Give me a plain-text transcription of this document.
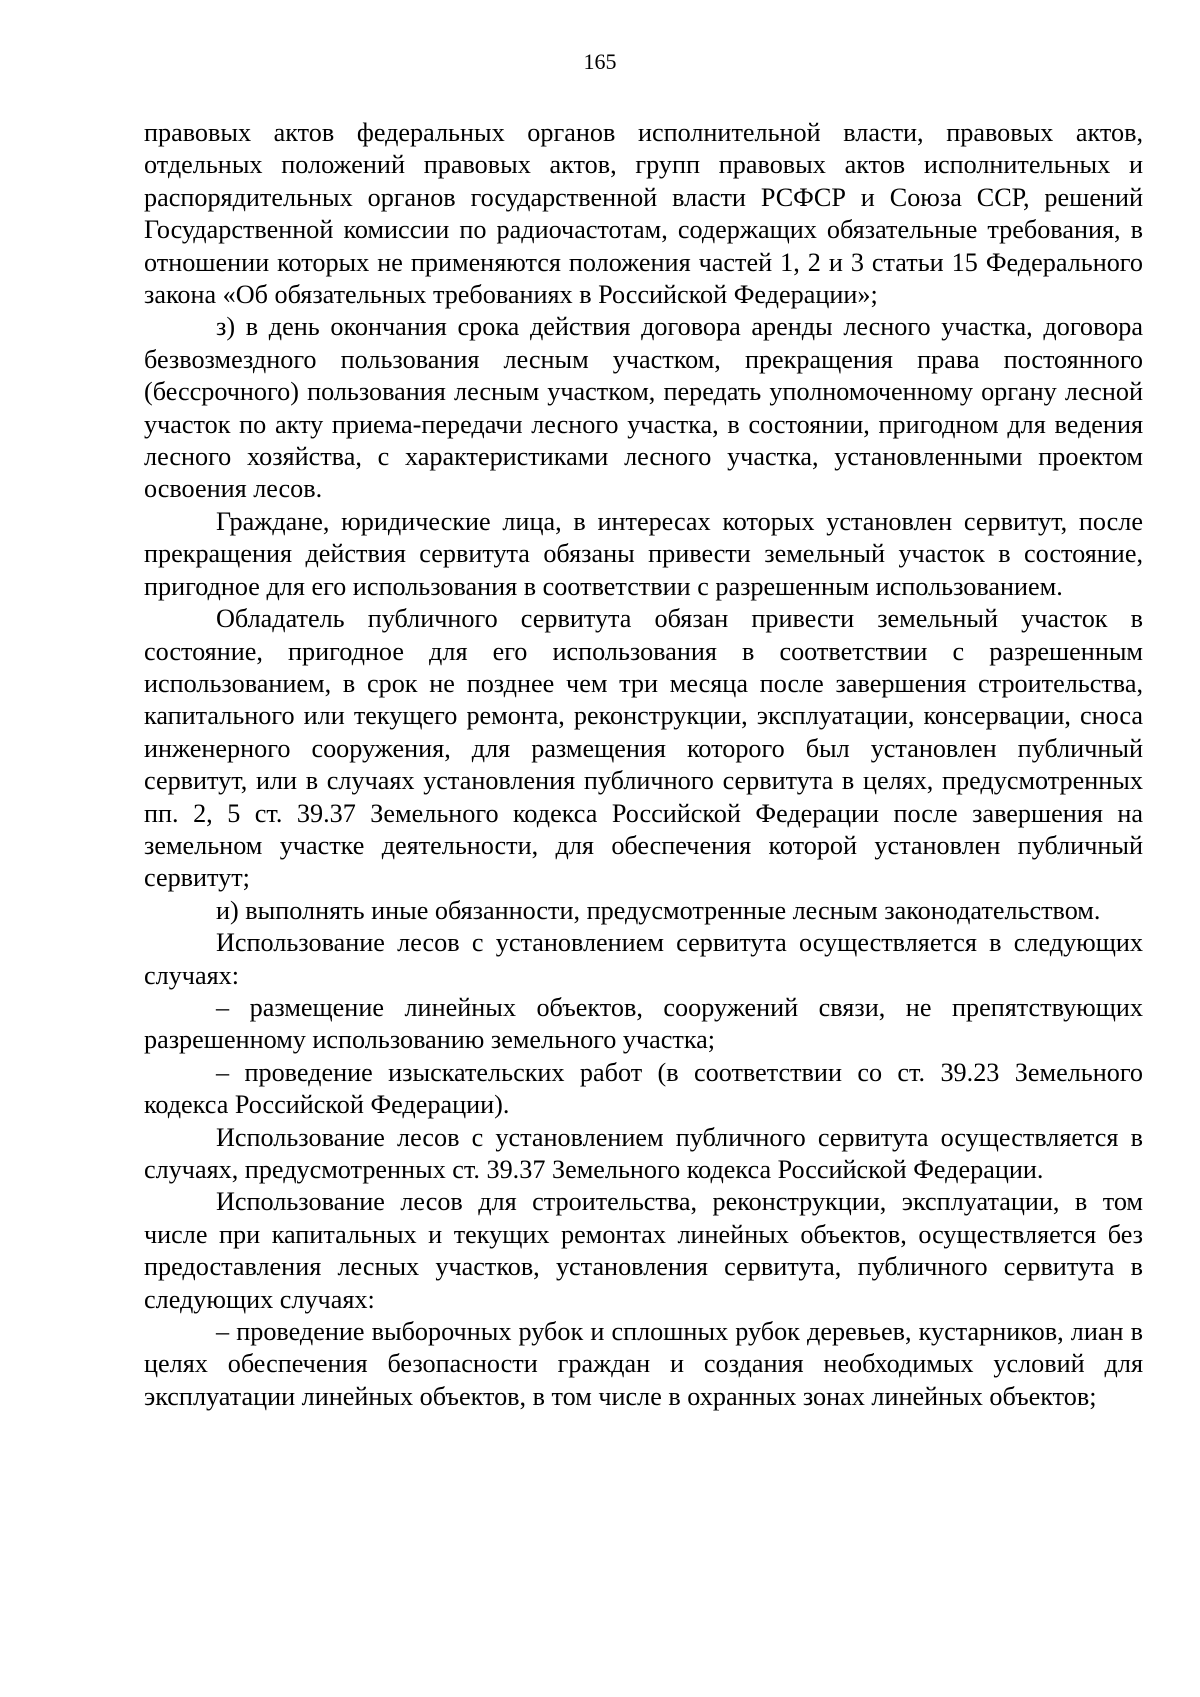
165

правовых актов федеральных органов исполнительной власти, правовых актов, отдельных положений правовых актов, групп правовых актов исполнительных и распорядительных органов государственной власти РСФСР и Союза ССР, решений Государственной комиссии по радиочастотам, содержащих обязательные требования, в отношении которых не применяются положения частей 1, 2 и 3 статьи 15 Федерального закона «Об обязательных требованиях в Российской Федерации»;

з) в день окончания срока действия договора аренды лесного участка, договора безвозмездного пользования лесным участком, прекращения права постоянного (бессрочного) пользования лесным участком, передать уполномоченному органу лесной участок по акту приема-передачи лесного участка, в состоянии, пригодном для ведения лесного хозяйства, с характеристиками лесного участка, установленными проектом освоения лесов.

Граждане, юридические лица, в интересах которых установлен сервитут, после прекращения действия сервитута обязаны привести земельный участок в состояние, пригодное для его использования в соответствии с разрешенным использованием.

Обладатель публичного сервитута обязан привести земельный участок в состояние, пригодное для его использования в соответствии с разрешенным использованием, в срок не позднее чем три месяца после завершения строительства, капитального или текущего ремонта, реконструкции, эксплуатации, консервации, сноса инженерного сооружения, для размещения которого был установлен публичный сервитут, или в случаях установления публичного сервитута в целях, предусмотренных пп. 2, 5 ст. 39.37 Земельного кодекса Российской Федерации после завершения на земельном участке деятельности, для обеспечения которой установлен публичный сервитут;

и) выполнять иные обязанности, предусмотренные лесным законодательством.

Использование лесов с установлением сервитута осуществляется в следующих случаях:

– размещение линейных объектов, сооружений связи, не препятствующих разрешенному использованию земельного участка;

– проведение изыскательских работ (в соответствии со ст. 39.23 Земельного кодекса Российской Федерации).

Использование лесов с установлением публичного сервитута осуществляется в случаях, предусмотренных ст. 39.37 Земельного кодекса Российской Федерации.

Использование лесов для строительства, реконструкции, эксплуатации, в том числе при капитальных и текущих ремонтах линейных объектов, осуществляется без предоставления лесных участков, установления сервитута, публичного сервитута в следующих случаях:

– проведение выборочных рубок и сплошных рубок деревьев, кустарников, лиан в целях обеспечения безопасности граждан и создания необходимых условий для эксплуатации линейных объектов, в том числе в охранных зонах линейных объектов;
